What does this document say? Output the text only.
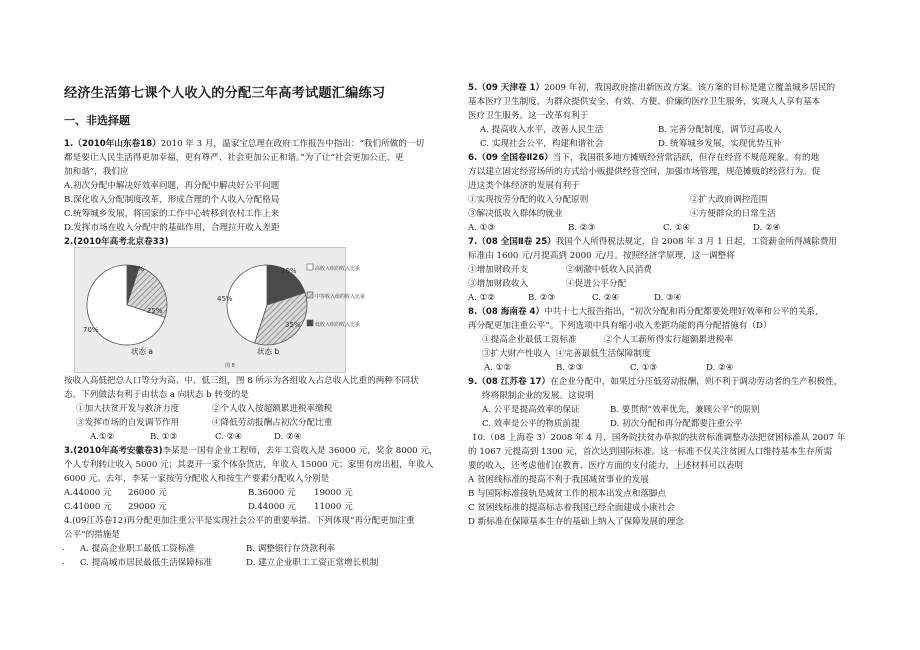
经济生活第七课个人收入的分配三年高考试题汇编练习
一、非选择题
1.（2010年山东卷18）2010 年 3 月，温家宝总理在政府工作报告中指出：“我们所做的一切
都是要让人民生活得更加幸福，更有尊严、社会更加公正和谐。”为了让“社会更加公正、更
加和谐”，我们应
A.初次分配中解决好效率问题，再分配中解决好公平问题
B.深化收入分配制度改革，形成合理的个人收入分配格局
C.统筹城乡发展，将国家的工作中心转移到农村工作上来
D.发挥市场在收入分配中的基础作用，合理拉开收入差距
2.(2010年高考北京卷33)
70%
25%
5%
状态 a
45%
35%
20%
状态 b
高收入组的收入比重
中等收入组的收入比重
低收入组的收入比重
图 8
按收入高低把总人口等分为高、中、低三组，图 8 所示为各组收入占总收入比重的两种不同状
态。下列做法有利于由状态 a 向状态 b 转变的是
①加大扶贫开发与救济力度	②个人收入按超额累进税率缴税
③发挥市场的自发调节作用	④降低劳动报酬占初次分配比重
A.①②	B. ①③	C. ②④	D. ②④
3.(2010年高考安徽卷3)李某是一国有企业工程师，去年工资收入是 36000 元，奖金 8000 元，
个人专利转让收入 5000 元；其妻开一家个体杂货店，年收入 15000 元；家里有房出租，年收入
6000 元。去年，李某一家按劳分配收入和按生产要素分配收入分别是
A.44000 元 26000 元	B.36000 元 19000 元
C.41000 元 29000 元	D.44000 元 11000 元
4.(09江苏卷12)再分配更加注重公平是实现社会公平的重要举措。下列体现“再分配更加注重
公平”的措施是
. A. 提高企业职工最低工资标准	B. 调整银行存贷款利率
. C. 提高城市居民最低生活保障标准	D. 建立企业职工工资正常增长机制
5.（09 天津卷 1）2009 年初，我国政府推出新医改方案。该方案的目标是建立覆盖城乡居民的
基本医疗卫生制度，为群众提供安全、有效、方便、价廉的医疗卫生服务，实现人人享有基本
医疗卫生服务。这一改革有利于
A. 提高收入水平，改善人民生活	B. 完善分配制度，调节过高收入
C. 实现社会公平，构建和谐社会	D. 统筹城乡发展，实现优势互补
6.（09 全国卷Ⅱ26）当下，我国很多地方摊贩经营常活跃，但存在经营不规范现象。有的地
方以建立固定经营场所的方式给小贩提供经营空间，加强市场管理，规范摊贩的经营行为。促
进这类个体经济的发展有利于
①实现按劳分配的收入分配原则	②扩大政府调控范围
③解决低收入群体的就业	④方便群众的日常生活
A. ①③	B. ②③	C. ①④	D. ②④
7.（08 全国Ⅱ卷 25）我国个人所得税法规定，自 2008 年 3 月 1 日起，工资薪金所得减除费用
标准由 1600 元/月提高到 2000 元/月。按照经济学原理，这一调整将
①增加财政开支	②刺激中低收入民消费
③增加财政收入	④促进公平分配
A. ①②	B. ②③	C. ②④	D. ③④
8.（08 海南卷 4）中共十七大报告指出，“初次分配和再分配都要处理好效率和公平的关系，
再分配更加注重公平”。下列选项中具有缩小收入差距功能的再分配措施有（D）
①提高企业最低工资标准	②个人工薪所得实行超额累进税率
③扩大财产性收入 ④完善最低生活保障制度
A. ①②	B. ②③	C. ①③	D. ②④
9.（08 江苏卷 17）在企业分配中，如果过分压低劳动报酬，则不利于调动劳动者的生产积极性，
终将限制企业的发展。这说明
A. 公平是提高效率的保证	B. 要贯彻“效率优先，兼顾公平”的原则
C. 效率是公平的物质前提	D. 初次分配和再分配都要注重公平
10.（08 上海卷 3）2008 年 4 月，国务院扶贫办草拟的扶贫标准调整办法把贫困标准从 2007 年
的 1067 元提高到 1300 元，首次达到国际标准。这一标准不仅关注贫困人口维持基本生存所需
要的收入，还考虑他们在教育、医疗方面的支付能力，上述材料可以表明
A 贫困线标准的提高不利于我国减贫事业的发展
B 与国际标准接轨是减贫工作的根本出发点和落脚点
C 贫困线标准的提高标志着我国已经全面建成小康社会
D 新标准在保障基本生存的基础上纳入了保障发展的理念
